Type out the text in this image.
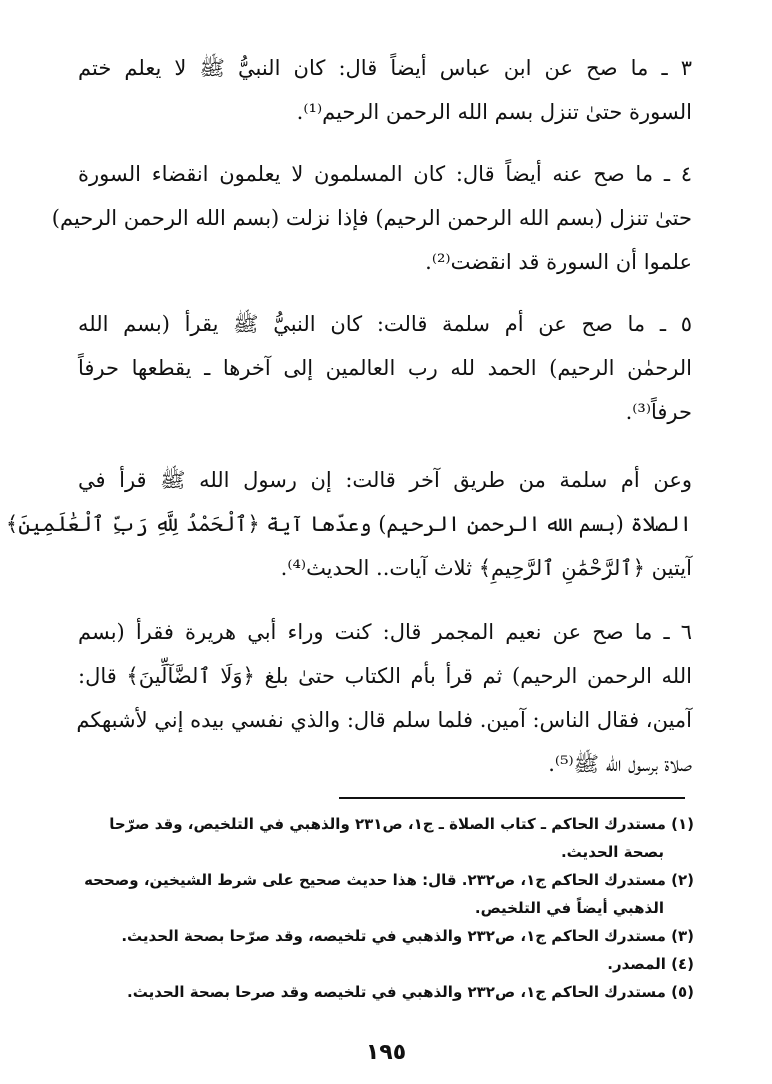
٣ ـ ما صح عن ابن عباس أيضاً قال: كان النبيُّ ﷺ لا يعلم ختم
السورة حتىٰ تنزل بسم الله الرحمن الرحيم⁽¹⁾.
٤ ـ ما صح عنه أيضاً قال: كان المسلمون لا يعلمون انقضاء السورة
حتىٰ تنزل (بسم الله الرحمن الرحيم) فإذا نزلت (بسم الله الرحمن الرحيم)
علموا أن السورة قد انقضت⁽²⁾.
٥ ـ ما صح عن أم سلمة قالت: كان النبيُّ ﷺ يقرأ (بسم الله
الرحمٰن الرحيم) الحمد لله رب العالمين إلى آخرها ـ يقطعها حرفاً
حرفاً⁽³⁾.
وعن أم سلمة من طريق آخر قالت: إن رسول الله ﷺ قرأ في
الصلاة (بسم الله الرحمن الرحيم) وعدّها آية ﴿ٱلْحَمْدُ لِلَّهِ رَبِّ ٱلْعَٰلَمِينَ﴾
آيتين ﴿ٱلرَّحْمَٰنِ ٱلرَّحِيمِ﴾ ثلاث آيات.. الحديث⁽⁴⁾.
٦ ـ ما صح عن نعيم المجمر قال: كنت وراء أبي هريرة فقرأ (بسم
الله الرحمن الرحيم) ثم قرأ بأم الكتاب حتىٰ بلغ ﴿وَلَا ٱلضَّآلِّينَ﴾ قال:
آمين، فقال الناس: آمين. فلما سلم قال: والذي نفسي بيده إني لأشبهكم
صلاة برسول الله ﷺ⁽⁵⁾.
(١) مستدرك الحاكم ـ كتاب الصلاة ـ ج١، ص٢٣١ والذهبي في التلخيص، وقد صرّحا
بصحة الحديث.
(٢) مستدرك الحاكم ج١، ص٢٣٢. قال: هذا حديث صحيح على شرط الشيخين، وصححه
الذهبي أيضاً في التلخيص.
(٣) مستدرك الحاكم ج١، ص٢٣٢ والذهبي في تلخيصه، وقد صرّحا بصحة الحديث.
(٤) المصدر.
(٥) مستدرك الحاكم ج١، ص٢٣٢ والذهبي في تلخيصه وقد صرحا بصحة الحديث.
١٩٥
